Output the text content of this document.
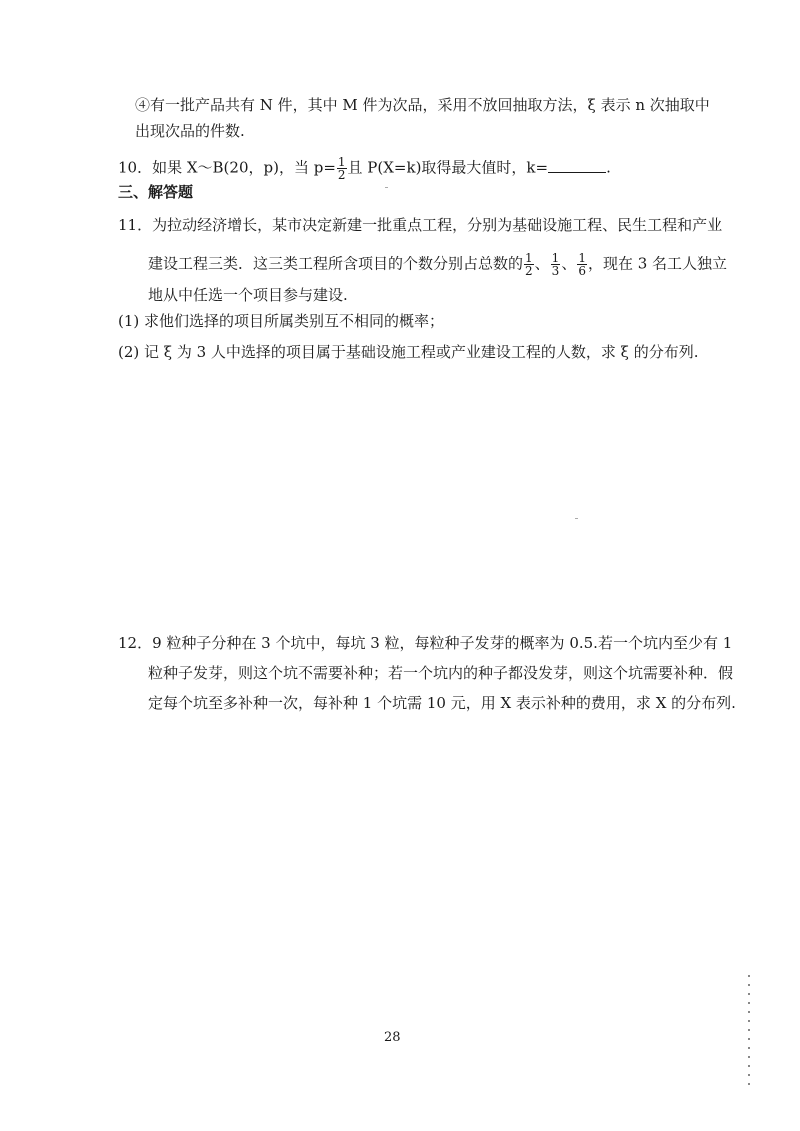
④有一批产品共有 N 件，其中 M 件为次品，采用不放回抽取方法，ξ 表示 n 次抽取中
出现次品的件数.
10．如果 X～B(20，p)，当 $p= \frac{1}{2}$ 且 P(X=k)取得最大值时，k=	.
三、解答题
11．为拉动经济增长，某市决定新建一批重点工程，分别为基础设施工程、民生工程和产业
建设工程三类．这三类工程所含项目的个数分别占总数的 $\frac{1}{2}$ 、 $\frac{1}{3}$ 、 $\frac{1}{6}$ ，现在 3 名工人独立
地从中任选一个项目参与建设.
(1) 求他们选择的项目所属类别互不相同的概率；
(2) 记 ξ 为 3 人中选择的项目属于基础设施工程或产业建设工程的人数，求 ξ 的分布列.
12．9 粒种子分种在 3 个坑中，每坑 3 粒，每粒种子发芽的概率为 0.5.若一个坑内至少有 1
粒种子发芽，则这个坑不需要补种；若一个坑内的种子都没发芽，则这个坑需要补种．假
定每个坑至多补种一次，每补种 1 个坑需 10 元，用 X 表示补种的费用，求 X 的分布列.
28
